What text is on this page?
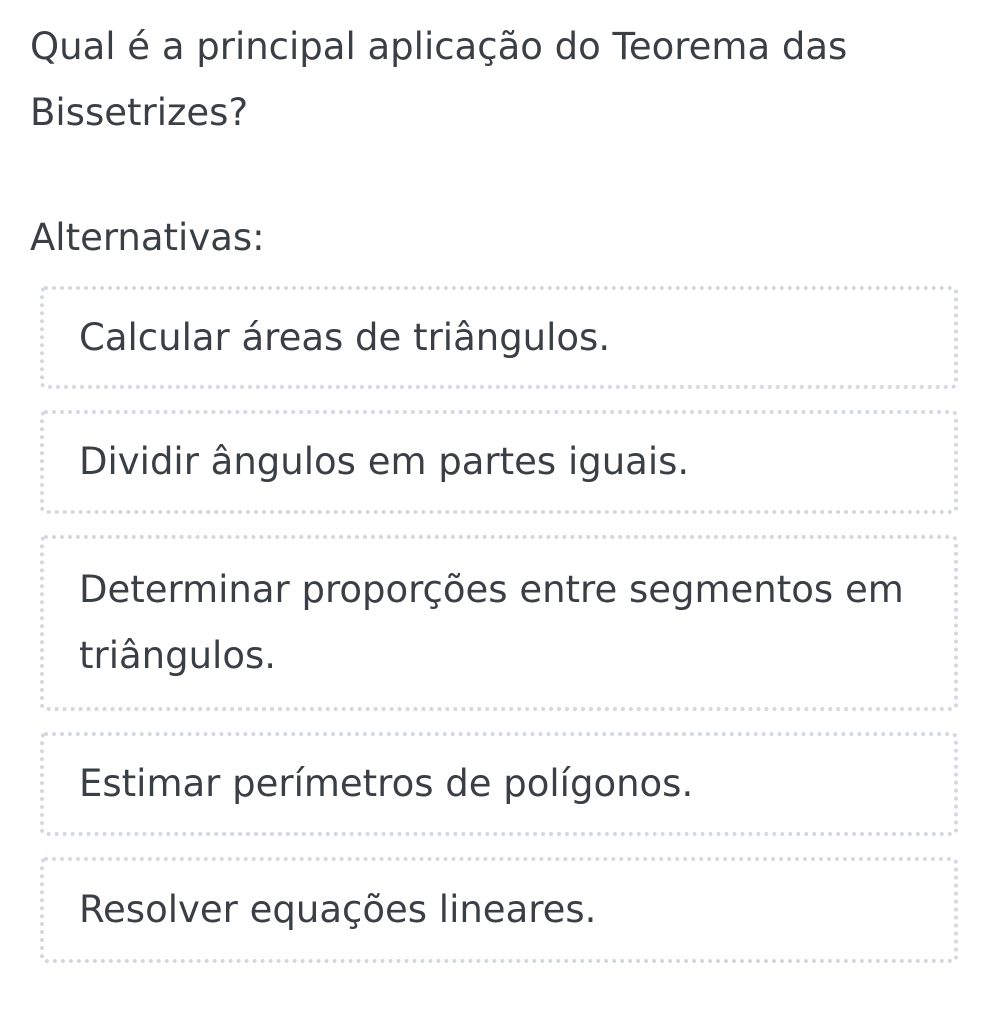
Qual é a principal aplicação do Teorema das Bissetrizes?

Alternativas:

Calcular áreas de triângulos.
Dividir ângulos em partes iguais.
Determinar proporções entre segmentos em triângulos.
Estimar perímetros de polígonos.
Resolver equações lineares.
